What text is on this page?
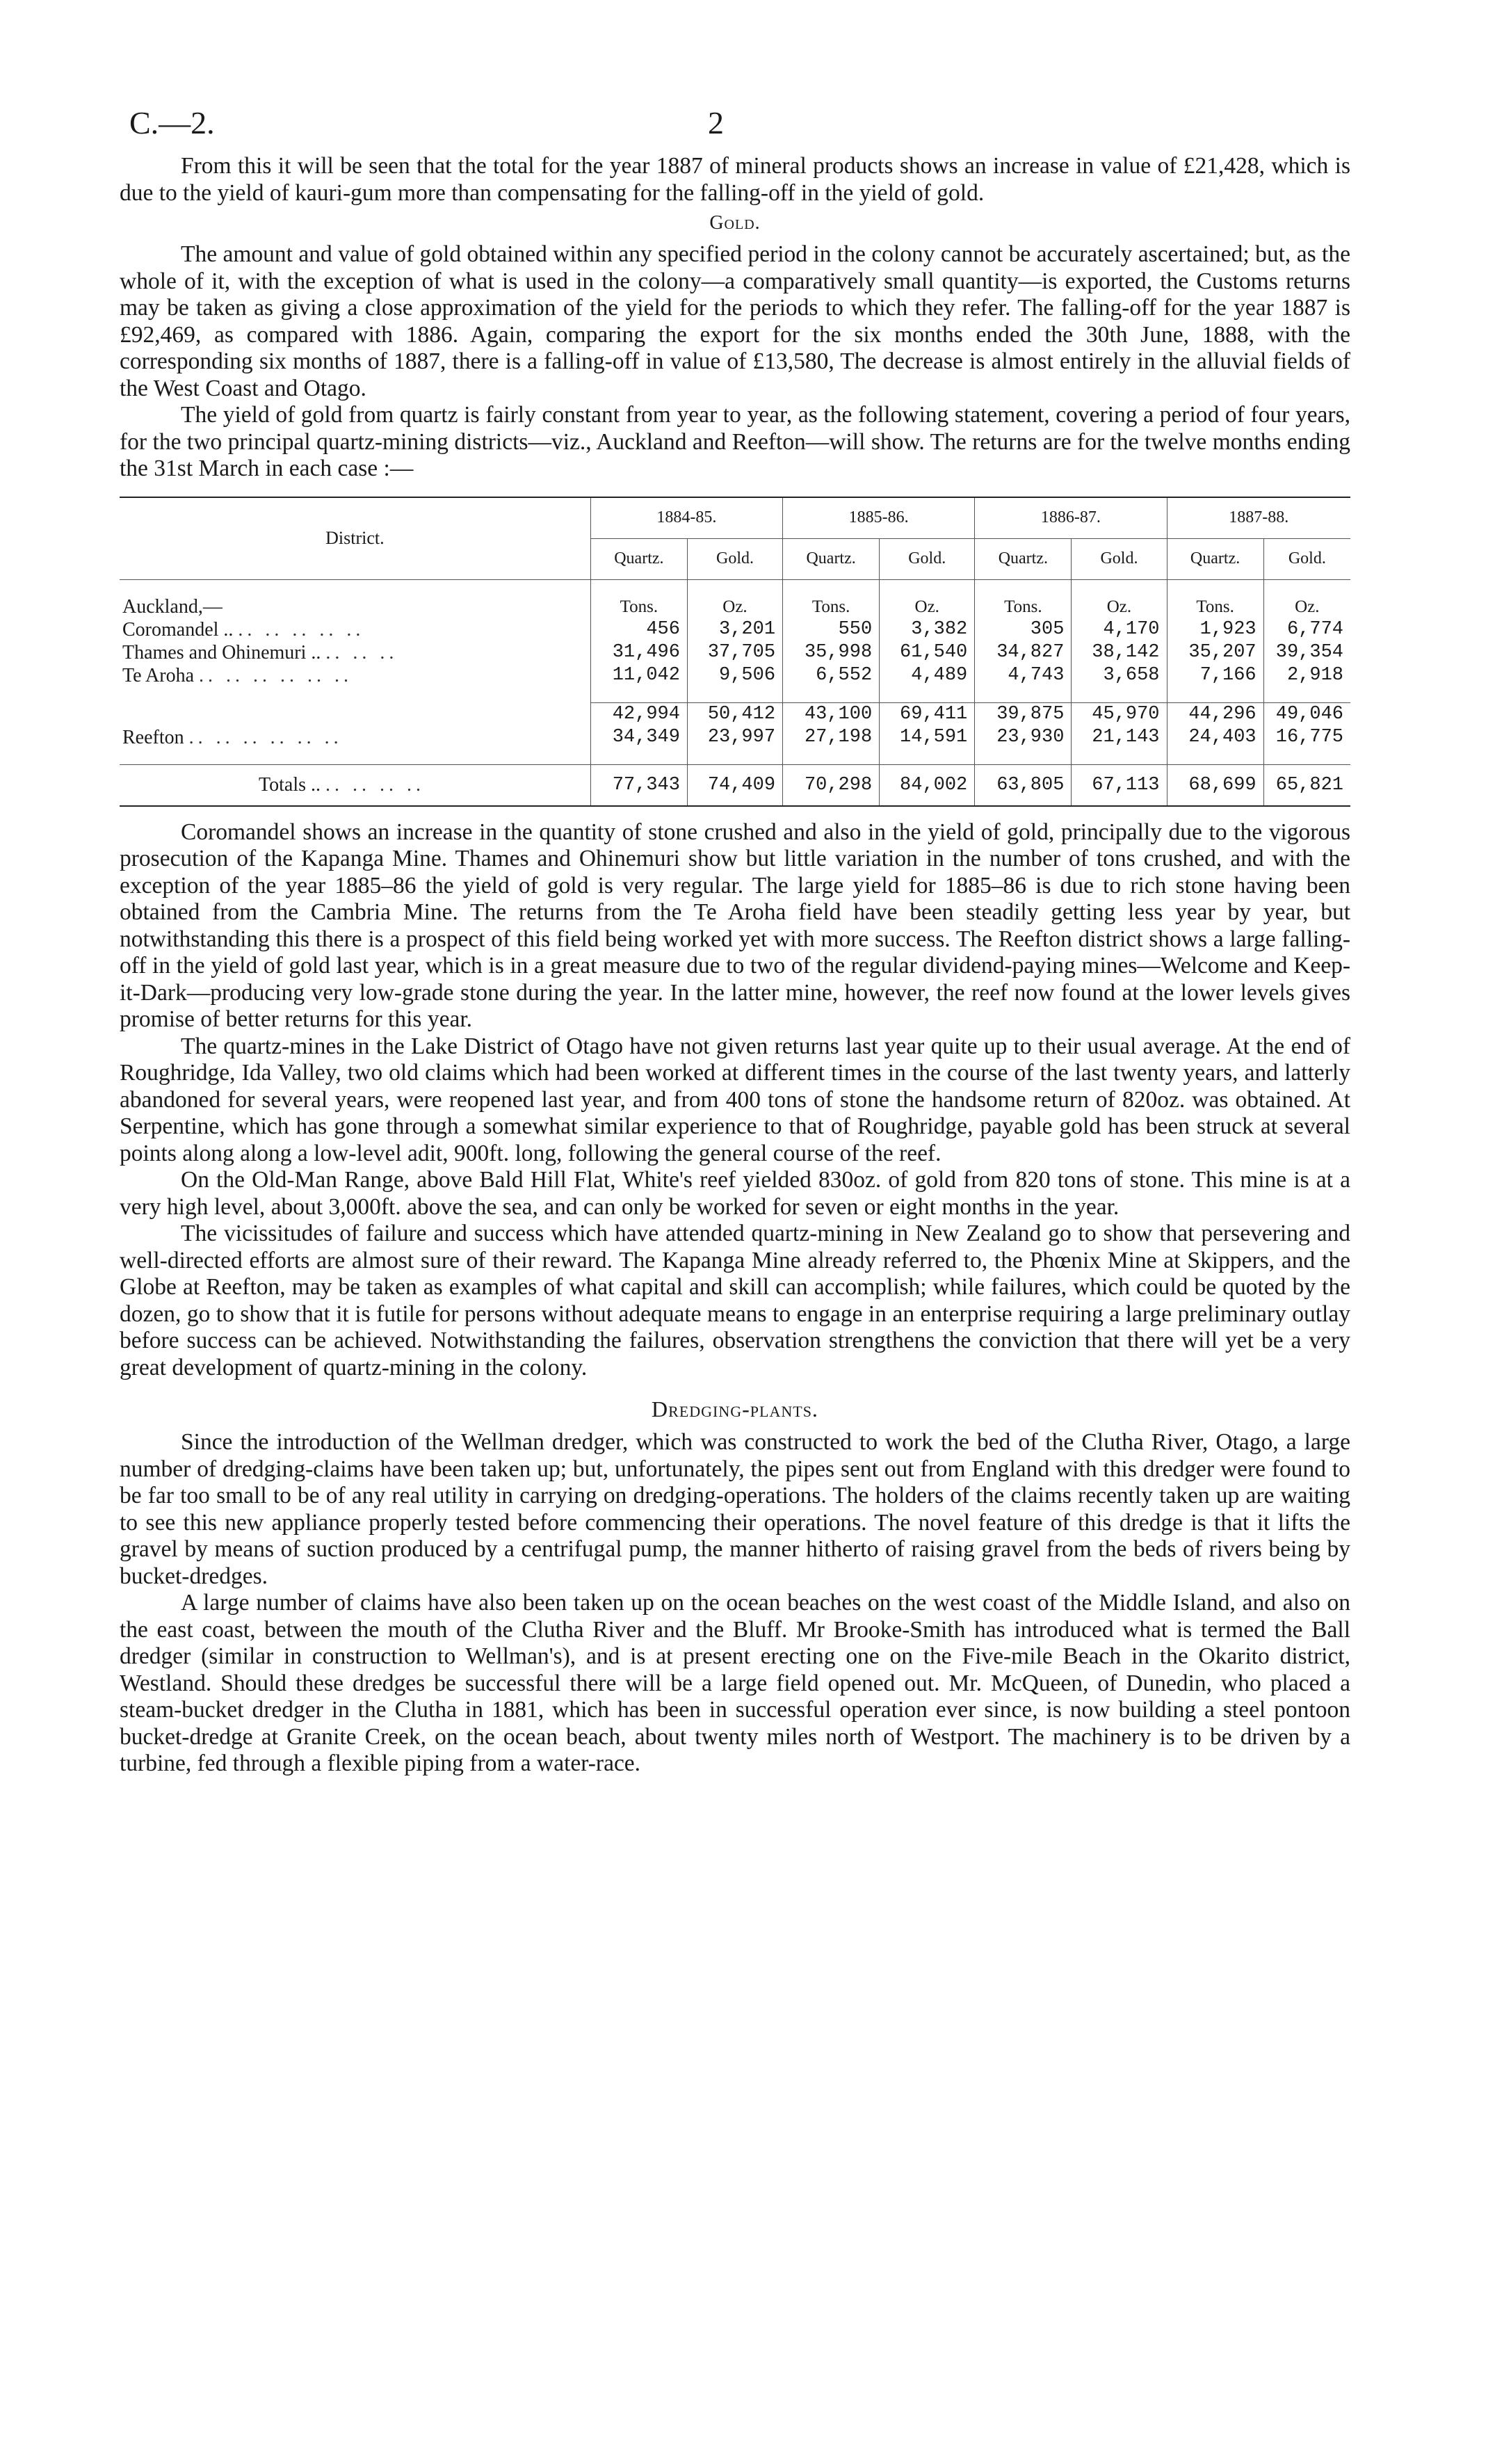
C.—2.	2

From this it will be seen that the total for the year 1887 of mineral products shows an increase in value of £21,428, which is due to the yield of kauri-gum more than compensating for the falling-off in the yield of gold.

Gold.

The amount and value of gold obtained within any specified period in the colony cannot be accurately ascertained; but, as the whole of it, with the exception of what is used in the colony—a comparatively small quantity—is exported, the Customs returns may be taken as giving a close approximation of the yield for the periods to which they refer. The falling-off for the year 1887 is £92,469, as compared with 1886. Again, comparing the export for the six months ended the 30th June, 1888, with the corresponding six months of 1887, there is a falling-off in value of £13,580, The decrease is almost entirely in the alluvial fields of the West Coast and Otago.

The yield of gold from quartz is fairly constant from year to year, as the following statement, covering a period of four years, for the two principal quartz-mining districts—viz., Auckland and Reefton—will show. The returns are for the twelve months ending the 31st March in each case :—

District.	1884-85.		1885-86.		1886-87.		1887-88.	
	Quartz.	Gold.	Quartz.	Gold.	Quartz.	Gold.	Quartz.	Gold.

Auckland,—	Tons.	Oz.	Tons.	Oz.	Tons.	Oz.	Tons.	Oz.
Coromandel .. .. .. .. .. ..	456	3,201	550	3,382	305	4,170	1,923	6,774
Thames and Ohinemuri .. .. .. ..	31,496	37,705	35,998	61,540	34,827	38,142	35,207	39,354
Te Aroha .. .. .. .. .. ..	11,042	9,506	6,552	4,489	4,743	3,658	7,166	2,918

	42,994	50,412	43,100	69,411	39,875	45,970	44,296	49,046
Reefton .. .. .. .. .. ..	34,349	23,997	27,198	14,591	23,930	21,143	24,403	16,775

Totals .. .. .. .. ..	77,343	74,409	70,298	84,002	63,805	67,113	68,699	65,821

Coromandel shows an increase in the quantity of stone crushed and also in the yield of gold, principally due to the vigorous prosecution of the Kapanga Mine. Thames and Ohinemuri show but little variation in the number of tons crushed, and with the exception of the year 1885–86 the yield of gold is very regular. The large yield for 1885–86 is due to rich stone having been obtained from the Cambria Mine. The returns from the Te Aroha field have been steadily getting less year by year, but notwithstanding this there is a prospect of this field being worked yet with more success. The Reefton district shows a large falling-off in the yield of gold last year, which is in a great measure due to two of the regular dividend-paying mines—Welcome and Keep-it-Dark—producing very low-grade stone during the year. In the latter mine, however, the reef now found at the lower levels gives promise of better returns for this year.

The quartz-mines in the Lake District of Otago have not given returns last year quite up to their usual average. At the end of Roughridge, Ida Valley, two old claims which had been worked at different times in the course of the last twenty years, and latterly abandoned for several years, were reopened last year, and from 400 tons of stone the handsome return of 820oz. was obtained. At Serpentine, which has gone through a somewhat similar experience to that of Roughridge, payable gold has been struck at several points along along a low-level adit, 900ft. long, following the general course of the reef.

On the Old-Man Range, above Bald Hill Flat, White's reef yielded 830oz. of gold from 820 tons of stone. This mine is at a very high level, about 3,000ft. above the sea, and can only be worked for seven or eight months in the year.

The vicissitudes of failure and success which have attended quartz-mining in New Zealand go to show that persevering and well-directed efforts are almost sure of their reward. The Kapanga Mine already referred to, the Phœnix Mine at Skippers, and the Globe at Reefton, may be taken as examples of what capital and skill can accomplish; while failures, which could be quoted by the dozen, go to show that it is futile for persons without adequate means to engage in an enterprise requiring a large preliminary outlay before success can be achieved. Notwithstanding the failures, observation strengthens the conviction that there will yet be a very great development of quartz-mining in the colony.

Dredging-plants.

Since the introduction of the Wellman dredger, which was constructed to work the bed of the Clutha River, Otago, a large number of dredging-claims have been taken up; but, unfortunately, the pipes sent out from England with this dredger were found to be far too small to be of any real utility in carrying on dredging-operations. The holders of the claims recently taken up are waiting to see this new appliance properly tested before commencing their operations. The novel feature of this dredge is that it lifts the gravel by means of suction produced by a centrifugal pump, the manner hitherto of raising gravel from the beds of rivers being by bucket-dredges.

A large number of claims have also been taken up on the ocean beaches on the west coast of the Middle Island, and also on the east coast, between the mouth of the Clutha River and the Bluff. Mr Brooke-Smith has introduced what is termed the Ball dredger (similar in construction to Wellman's), and is at present erecting one on the Five-mile Beach in the Okarito district, Westland. Should these dredges be successful there will be a large field opened out. Mr. McQueen, of Dunedin, who placed a steam-bucket dredger in the Clutha in 1881, which has been in successful operation ever since, is now building a steel pontoon bucket-dredge at Granite Creek, on the ocean beach, about twenty miles north of Westport. The machinery is to be driven by a turbine, fed through a flexible piping from a water-race.
